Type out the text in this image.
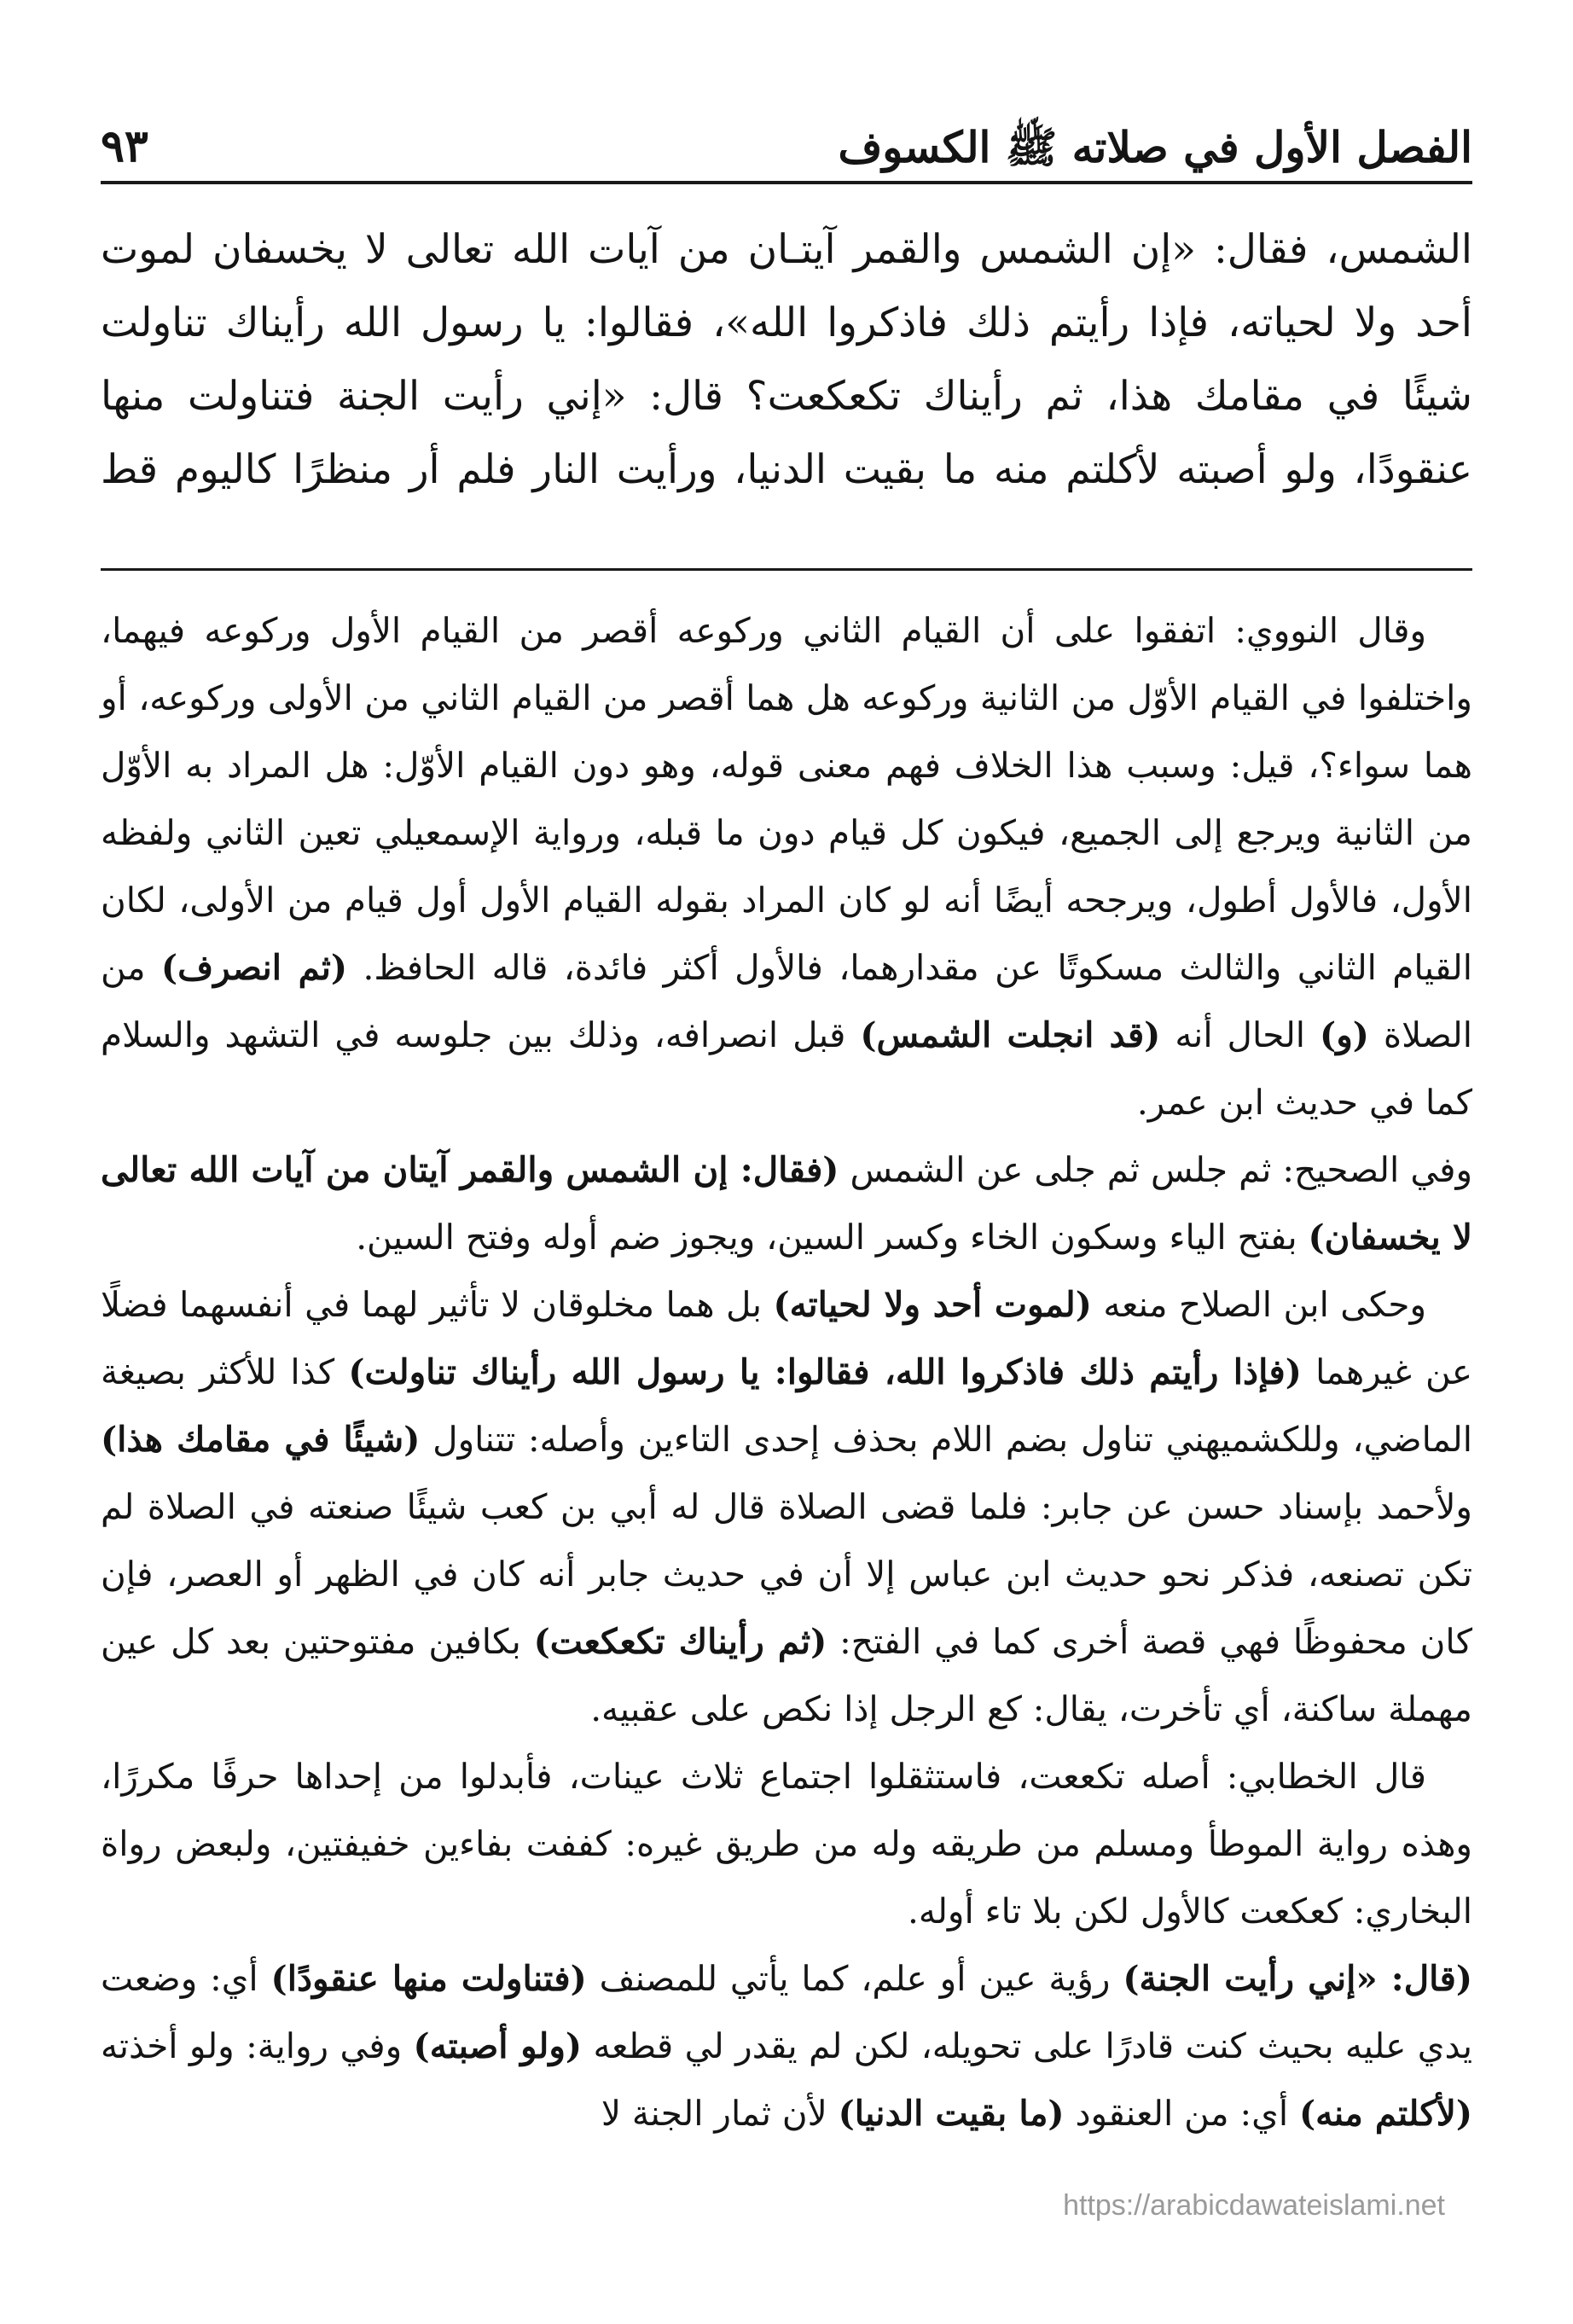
الفصل الأول في صلاته ﷺ الكسوف
٩٣
الشمس، فقال: «إن الشمس والقمر آيتـان من آيات الله تعالى لا يخسفان لموت
أحد ولا لحياته، فإذا رأيتم ذلك فاذكروا الله»، فقالوا: يا رسول الله رأيناك تناولت
شيئًا في مقامك هذا، ثم رأيناك تكعكعت؟ قال: «إني رأيت الجنة فتناولت منها
عنقودًا، ولو أصبته لأكلتم منه ما بقيت الدنيا، ورأيت النار فلم أر منظرًا كاليوم قط

وقال النووي: اتفقوا على أن القيام الثاني وركوعه أقصر من القيام الأول وركوعه فيهما، واختلفوا في القيام الأوّل من الثانية وركوعه هل هما أقصر من القيام الثاني من الأولى وركوعه، أو هما سواء؟، قيل: وسبب هذا الخلاف فهم معنى قوله، وهو دون القيام الأوّل: هل المراد به الأوّل من الثانية ويرجع إلى الجميع، فيكون كل قيام دون ما قبله، ورواية الإسمعيلي تعين الثاني ولفظه الأول، فالأول أطول، ويرجحه أيضًا أنه لو كان المراد بقوله القيام الأول أول قيام من الأولى، لكان القيام الثاني والثالث مسكوتًا عن مقدارهما، فالأول أكثر فائدة، قاله الحافظ. (ثم انصرف) من الصلاة (و) الحال أنه (قد انجلت الشمس) قبل انصرافه، وذلك بين جلوسه في التشهد والسلام كما في حديث ابن عمر.

وفي الصحيح: ثم جلس ثم جلى عن الشمس (فقال: إن الشمس والقمر آيتان من آيات الله تعالى لا يخسفان) بفتح الياء وسكون الخاء وكسر السين، ويجوز ضم أوله وفتح السين.

وحكى ابن الصلاح منعه (لموت أحد ولا لحياته) بل هما مخلوقان لا تأثير لهما في أنفسهما فضلًا عن غيرهما (فإذا رأيتم ذلك فاذكروا الله، فقالوا: يا رسول الله رأيناك تناولت) كذا للأكثر بصيغة الماضي، وللكشميهني تناول بضم اللام بحذف إحدى التاءين وأصله: تتناول (شيئًا في مقامك هذا) ولأحمد بإسناد حسن عن جابر: فلما قضى الصلاة قال له أبي بن كعب شيئًا صنعته في الصلاة لم تكن تصنعه، فذكر نحو حديث ابن عباس إلا أن في حديث جابر أنه كان في الظهر أو العصر، فإن كان محفوظًا فهي قصة أخرى كما في الفتح: (ثم رأيناك تكعكعت) بكافين مفتوحتين بعد كل عين مهملة ساكنة، أي تأخرت، يقال: كع الرجل إذا نكص على عقبيه.

قال الخطابي: أصله تكععت، فاستثقلوا اجتماع ثلاث عينات، فأبدلوا من إحداها حرفًا مكررًا، وهذه رواية الموطأ ومسلم من طريقه وله من طريق غيره: كففت بفاءين خفيفتين، ولبعض رواة البخاري: كعكعت كالأول لكن بلا تاء أوله.

(قال: «إني رأيت الجنة) رؤية عين أو علم، كما يأتي للمصنف (فتناولت منها عنقودًا) أي: وضعت يدي عليه بحيث كنت قادرًا على تحويله، لكن لم يقدر لي قطعه (ولو أصبته) وفي رواية: ولو أخذته (لأكلتم منه) أي: من العنقود (ما بقيت الدنيا) لأن ثمار الجنة لا

https://arabicdawateislami.net
